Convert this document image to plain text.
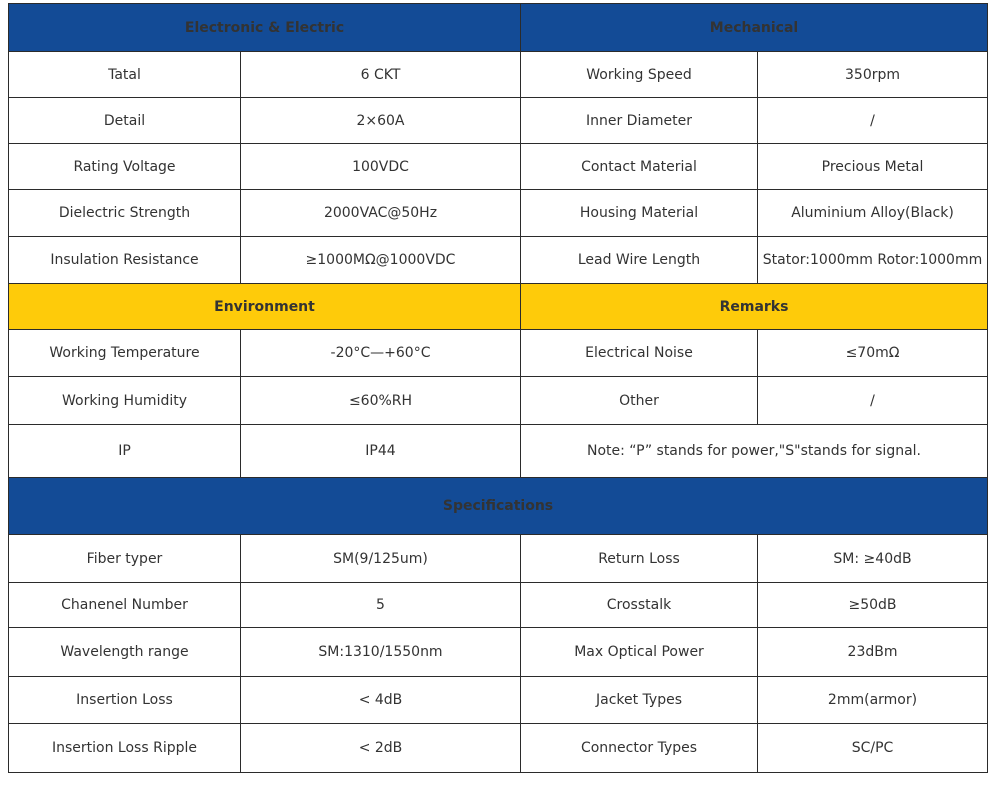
Electronic & Electric		Mechanical	
Tatal	6 CKT	Working Speed	350rpm
Detail	2×60A	Inner Diameter	/
Rating Voltage	100VDC	Contact Material	Precious Metal
Dielectric Strength	2000VAC@50Hz	Housing Material	Aluminium Alloy(Black)
Insulation Resistance	≥1000MΩ@1000VDC	Lead Wire Length	Stator:1000mm Rotor:1000mm
Environment		Remarks	
Working Temperature	-20°C—+60°C	Electrical Noise	≤70mΩ
Working Humidity	≤60%RH	Other	/
IP	IP44	Note: “P” stands for power,"S"stands for signal.	
Specifications			
Fiber typer	SM(9/125um)	Return Loss	SM: ≥40dB
Chanenel Number	5	Crosstalk	≥50dB
Wavelength range	SM:1310/1550nm	Max Optical Power	23dBm
Insertion Loss	< 4dB	Jacket Types	2mm(armor)
Insertion Loss Ripple	< 2dB	Connector Types	SC/PC
